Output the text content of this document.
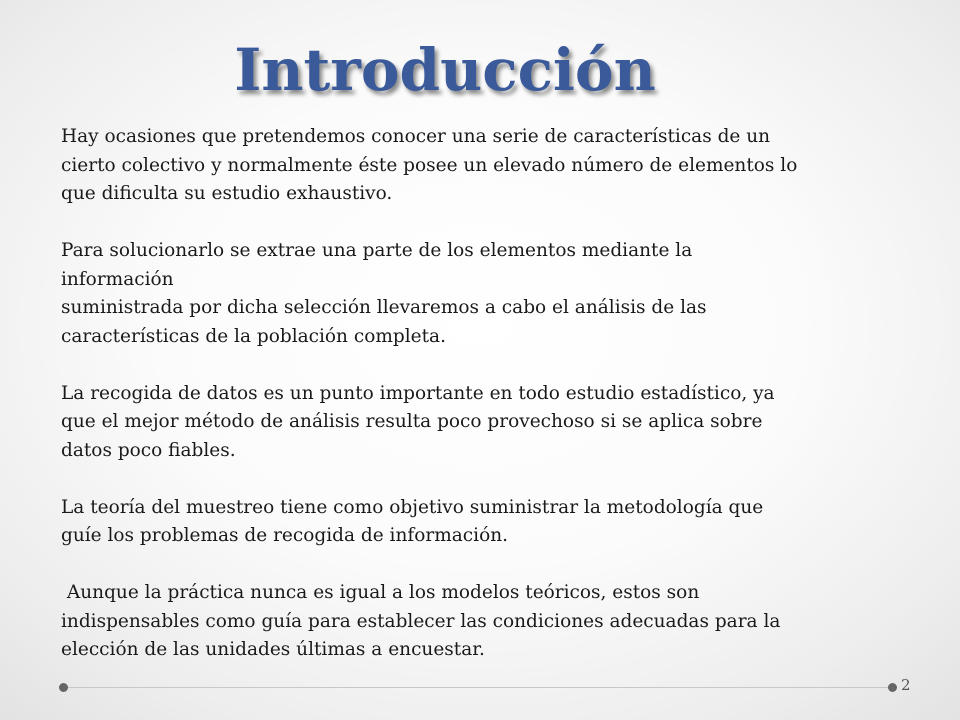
Introducción

Hay ocasiones que pretendemos conocer una serie de características de un
cierto colectivo y normalmente éste posee un elevado número de elementos lo
que dificulta su estudio exhaustivo.

Para solucionarlo se extrae una parte de los elementos mediante la
información
suministrada por dicha selección llevaremos a cabo el análisis de las
características de la población completa.

La recogida de datos es un punto importante en todo estudio estadístico, ya
que el mejor método de análisis resulta poco provechoso si se aplica sobre
datos poco fiables.

La teoría del muestreo tiene como objetivo suministrar la metodología que
guíe los problemas de recogida de información.

Aunque la práctica nunca es igual a los modelos teóricos, estos son
indispensables como guía para establecer las condiciones adecuadas para la
elección de las unidades últimas a encuestar.

2
